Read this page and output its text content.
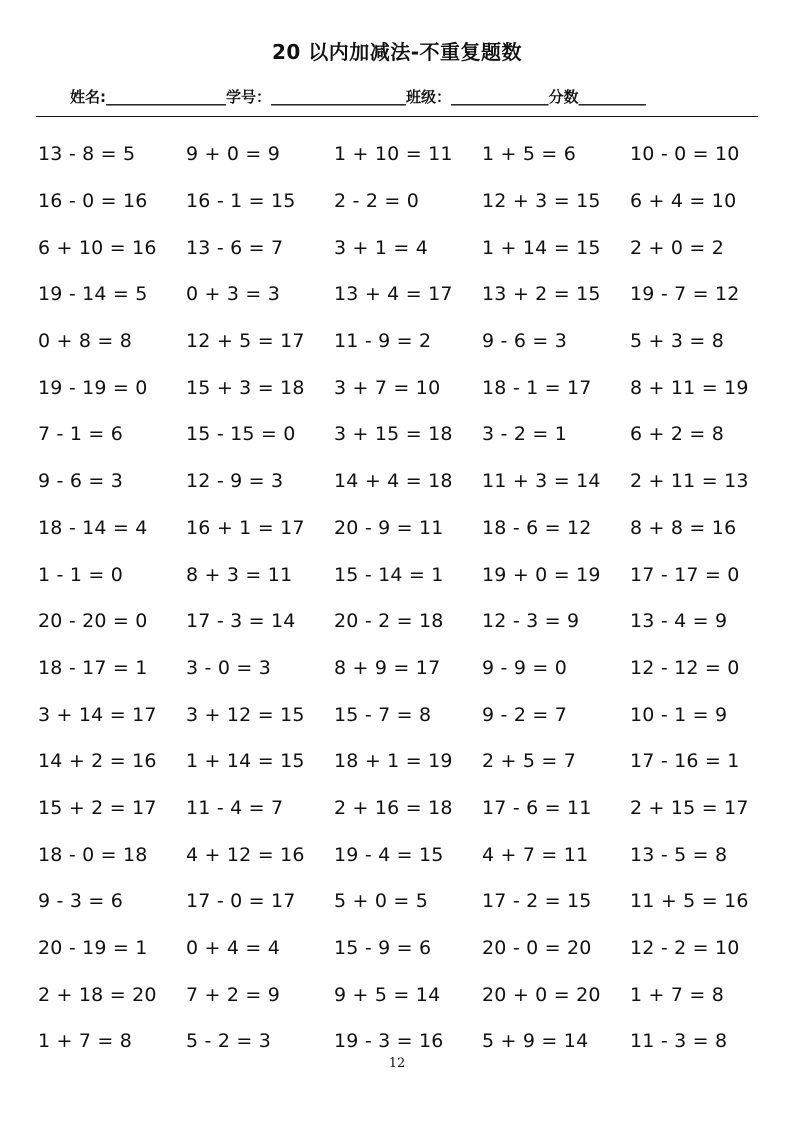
20 以内加减法-不重复题数
姓名:________________学号：__________________班级：_____________分数_________
13 - 8 = 5	9 + 0 = 9	1 + 10 = 11	1 + 5 = 6	10 - 0 = 10
16 - 0 = 16	16 - 1 = 15	2 - 2 = 0	12 + 3 = 15	6 + 4 = 10
6 + 10 = 16	13 - 6 = 7	3 + 1 = 4	1 + 14 = 15	2 + 0 = 2
19 - 14 = 5	0 + 3 = 3	13 + 4 = 17	13 + 2 = 15	19 - 7 = 12
0 + 8 = 8	12 + 5 = 17	11 - 9 = 2	9 - 6 = 3	5 + 3 = 8
19 - 19 = 0	15 + 3 = 18	3 + 7 = 10	18 - 1 = 17	8 + 11 = 19
7 - 1 = 6	15 - 15 = 0	3 + 15 = 18	3 - 2 = 1	6 + 2 = 8
9 - 6 = 3	12 - 9 = 3	14 + 4 = 18	11 + 3 = 14	2 + 11 = 13
18 - 14 = 4	16 + 1 = 17	20 - 9 = 11	18 - 6 = 12	8 + 8 = 16
1 - 1 = 0	8 + 3 = 11	15 - 14 = 1	19 + 0 = 19	17 - 17 = 0
20 - 20 = 0	17 - 3 = 14	20 - 2 = 18	12 - 3 = 9	13 - 4 = 9
18 - 17 = 1	3 - 0 = 3	8 + 9 = 17	9 - 9 = 0	12 - 12 = 0
3 + 14 = 17	3 + 12 = 15	15 - 7 = 8	9 - 2 = 7	10 - 1 = 9
14 + 2 = 16	1 + 14 = 15	18 + 1 = 19	2 + 5 = 7	17 - 16 = 1
15 + 2 = 17	11 - 4 = 7	2 + 16 = 18	17 - 6 = 11	2 + 15 = 17
18 - 0 = 18	4 + 12 = 16	19 - 4 = 15	4 + 7 = 11	13 - 5 = 8
9 - 3 = 6	17 - 0 = 17	5 + 0 = 5	17 - 2 = 15	11 + 5 = 16
20 - 19 = 1	0 + 4 = 4	15 - 9 = 6	20 - 0 = 20	12 - 2 = 10
2 + 18 = 20	7 + 2 = 9	9 + 5 = 14	20 + 0 = 20	1 + 7 = 8
1 + 7 = 8	5 - 2 = 3	19 - 3 = 16	5 + 9 = 14	11 - 3 = 8
12
